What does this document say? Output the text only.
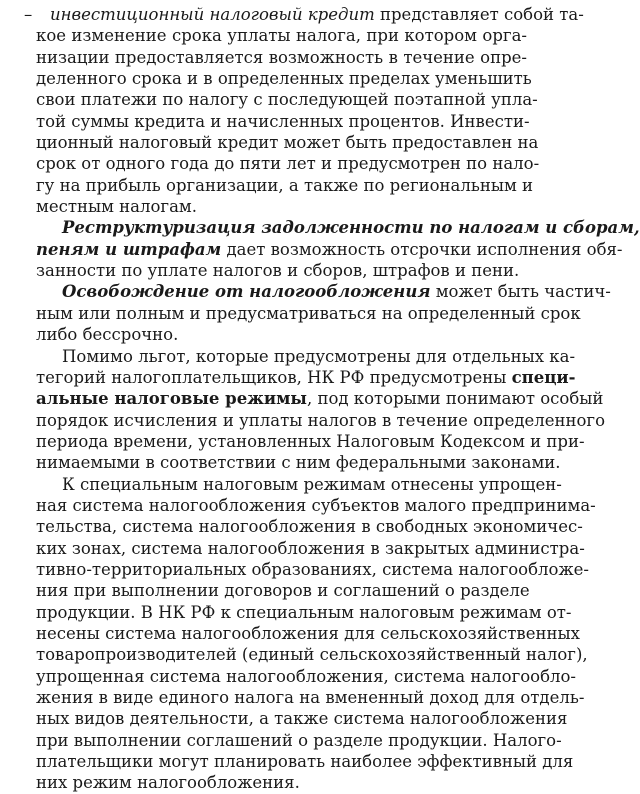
– инвестиционный налоговый кредит представляет собой та-
кое изменение срока уплаты налога, при котором орга-
низации предоставляется возможность в течение опре-
деленного срока и в определенных пределах уменьшить
свои платежи по налогу с последующей поэтапной упла-
той суммы кредита и начисленных процентов. Инвести-
ционный налоговый кредит может быть предоставлен на
срок от одного года до пяти лет и предусмотрен по нало-
гу на прибыль организации, а также по региональным и
местным налогам.
Реструктуризация задолженности по налогам и сборам,
пеням и штрафам дает возможность отсрочки исполнения обя-
занности по уплате налогов и сборов, штрафов и пени.
Освобождение от налогообложения может быть частич-
ным или полным и предусматриваться на определенный срок
либо бессрочно.
Помимо льгот, которые предусмотрены для отдельных ка-
тегорий налогоплательщиков, НК РФ предусмотрены специ-
альные налоговые режимы, под которыми понимают особый
порядок исчисления и уплаты налогов в течение определенного
периода времени, установленных Налоговым Кодексом и при-
нимаемыми в соответствии с ним федеральными законами.
К специальным налоговым режимам отнесены упрощен-
ная система налогообложения субъектов малого предпринима-
тельства, система налогообложения в свободных экономичес-
ких зонах, система налогообложения в закрытых администра-
тивно-территориальных образованиях, система налогообложе-
ния при выполнении договоров и соглашений о разделе
продукции. В НК РФ к специальным налоговым режимам от-
несены система налогообложения для сельскохозяйственных
товаропроизводителей (единый сельскохозяйственный налог),
упрощенная система налогообложения, система налогообло-
жения в виде единого налога на вмененный доход для отдель-
ных видов деятельности, а также система налогообложения
при выполнении соглашений о разделе продукции. Налого-
плательщики могут планировать наиболее эффективный для
них режим налогообложения.
